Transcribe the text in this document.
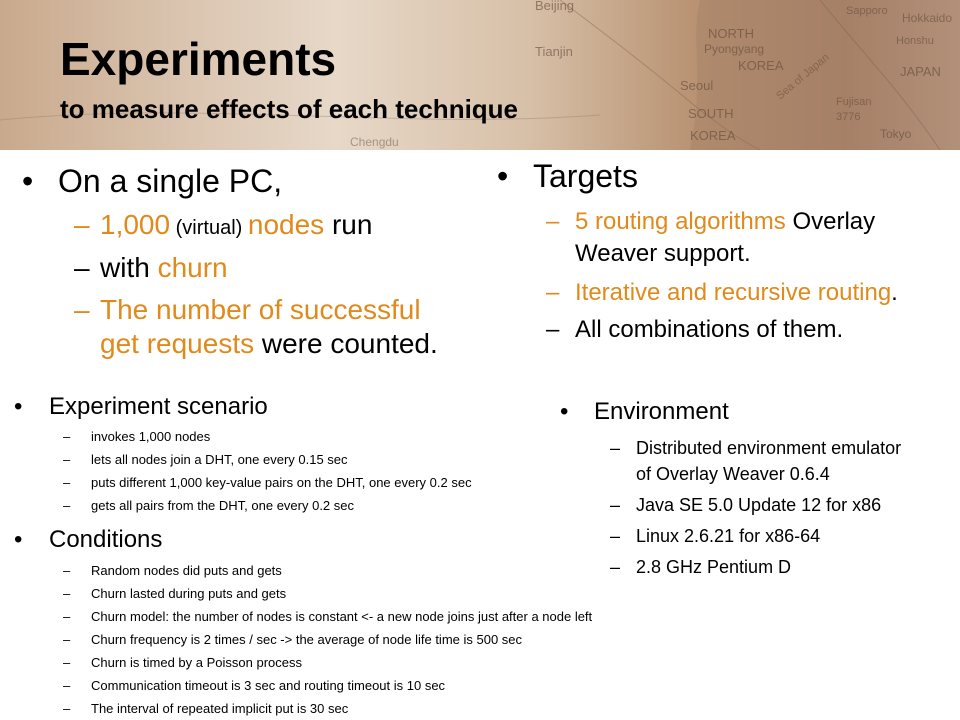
Beijing
Tianjin
NORTH
Pyongyang
KOREA
Seoul
SOUTH
KOREA
Sea of Japan
Sapporo Hokkaido
Honshu
JAPAN
Fujisan
3776
Tokyo
Chengdu
Experiments
to measure effects of each technique
• On a single PC,
– 1,000 (virtual) nodes run
– with churn
– The number of successful
get requests were counted.
• Targets
– 5 routing algorithms Overlay
Weaver support.
– Iterative and recursive routing.
– All combinations of them.
• Experiment scenario
– invokes 1,000 nodes
– lets all nodes join a DHT, one every 0.15 sec
– puts different 1,000 key-value pairs on the DHT, one every 0.2 sec
– gets all pairs from the DHT, one every 0.2 sec
• Conditions
– Random nodes did puts and gets
– Churn lasted during puts and gets
– Churn model: the number of nodes is constant <- a new node joins just after a node left
– Churn frequency is 2 times / sec -> the average of node life time is 500 sec
– Churn is timed by a Poisson process
– Communication timeout is 3 sec and routing timeout is 10 sec
– The interval of repeated implicit put is 30 sec
• Environment
– Distributed environment emulator
of Overlay Weaver 0.6.4
– Java SE 5.0 Update 12 for x86
– Linux 2.6.21 for x86-64
– 2.8 GHz Pentium D
